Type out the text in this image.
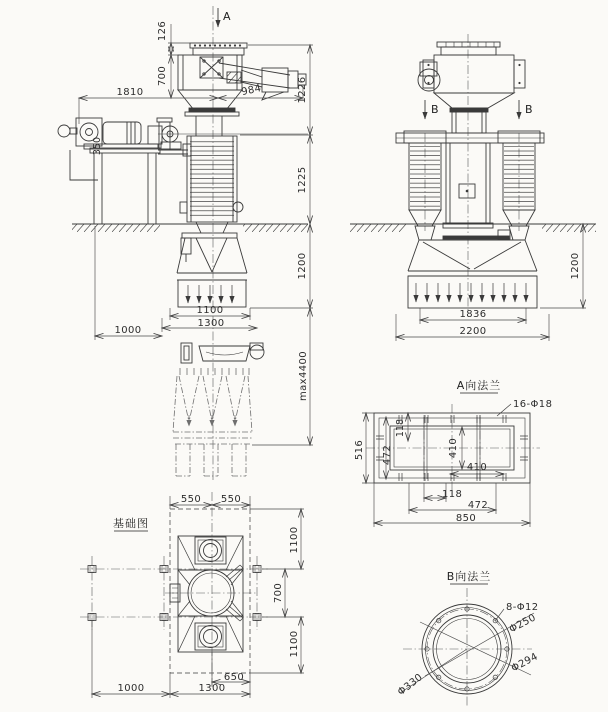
A
126
700
1810	984
350
1226
1225
1200
max4400
1100
1300
1000
B	B
1836
2200
1200
A向法兰
16-Φ18
118
410
410
118
472
850
516 472
基础图
550 550
1100
700
1100
650
1300
1000
B向法兰
8-Φ12
Φ250
Φ294
Φ330
